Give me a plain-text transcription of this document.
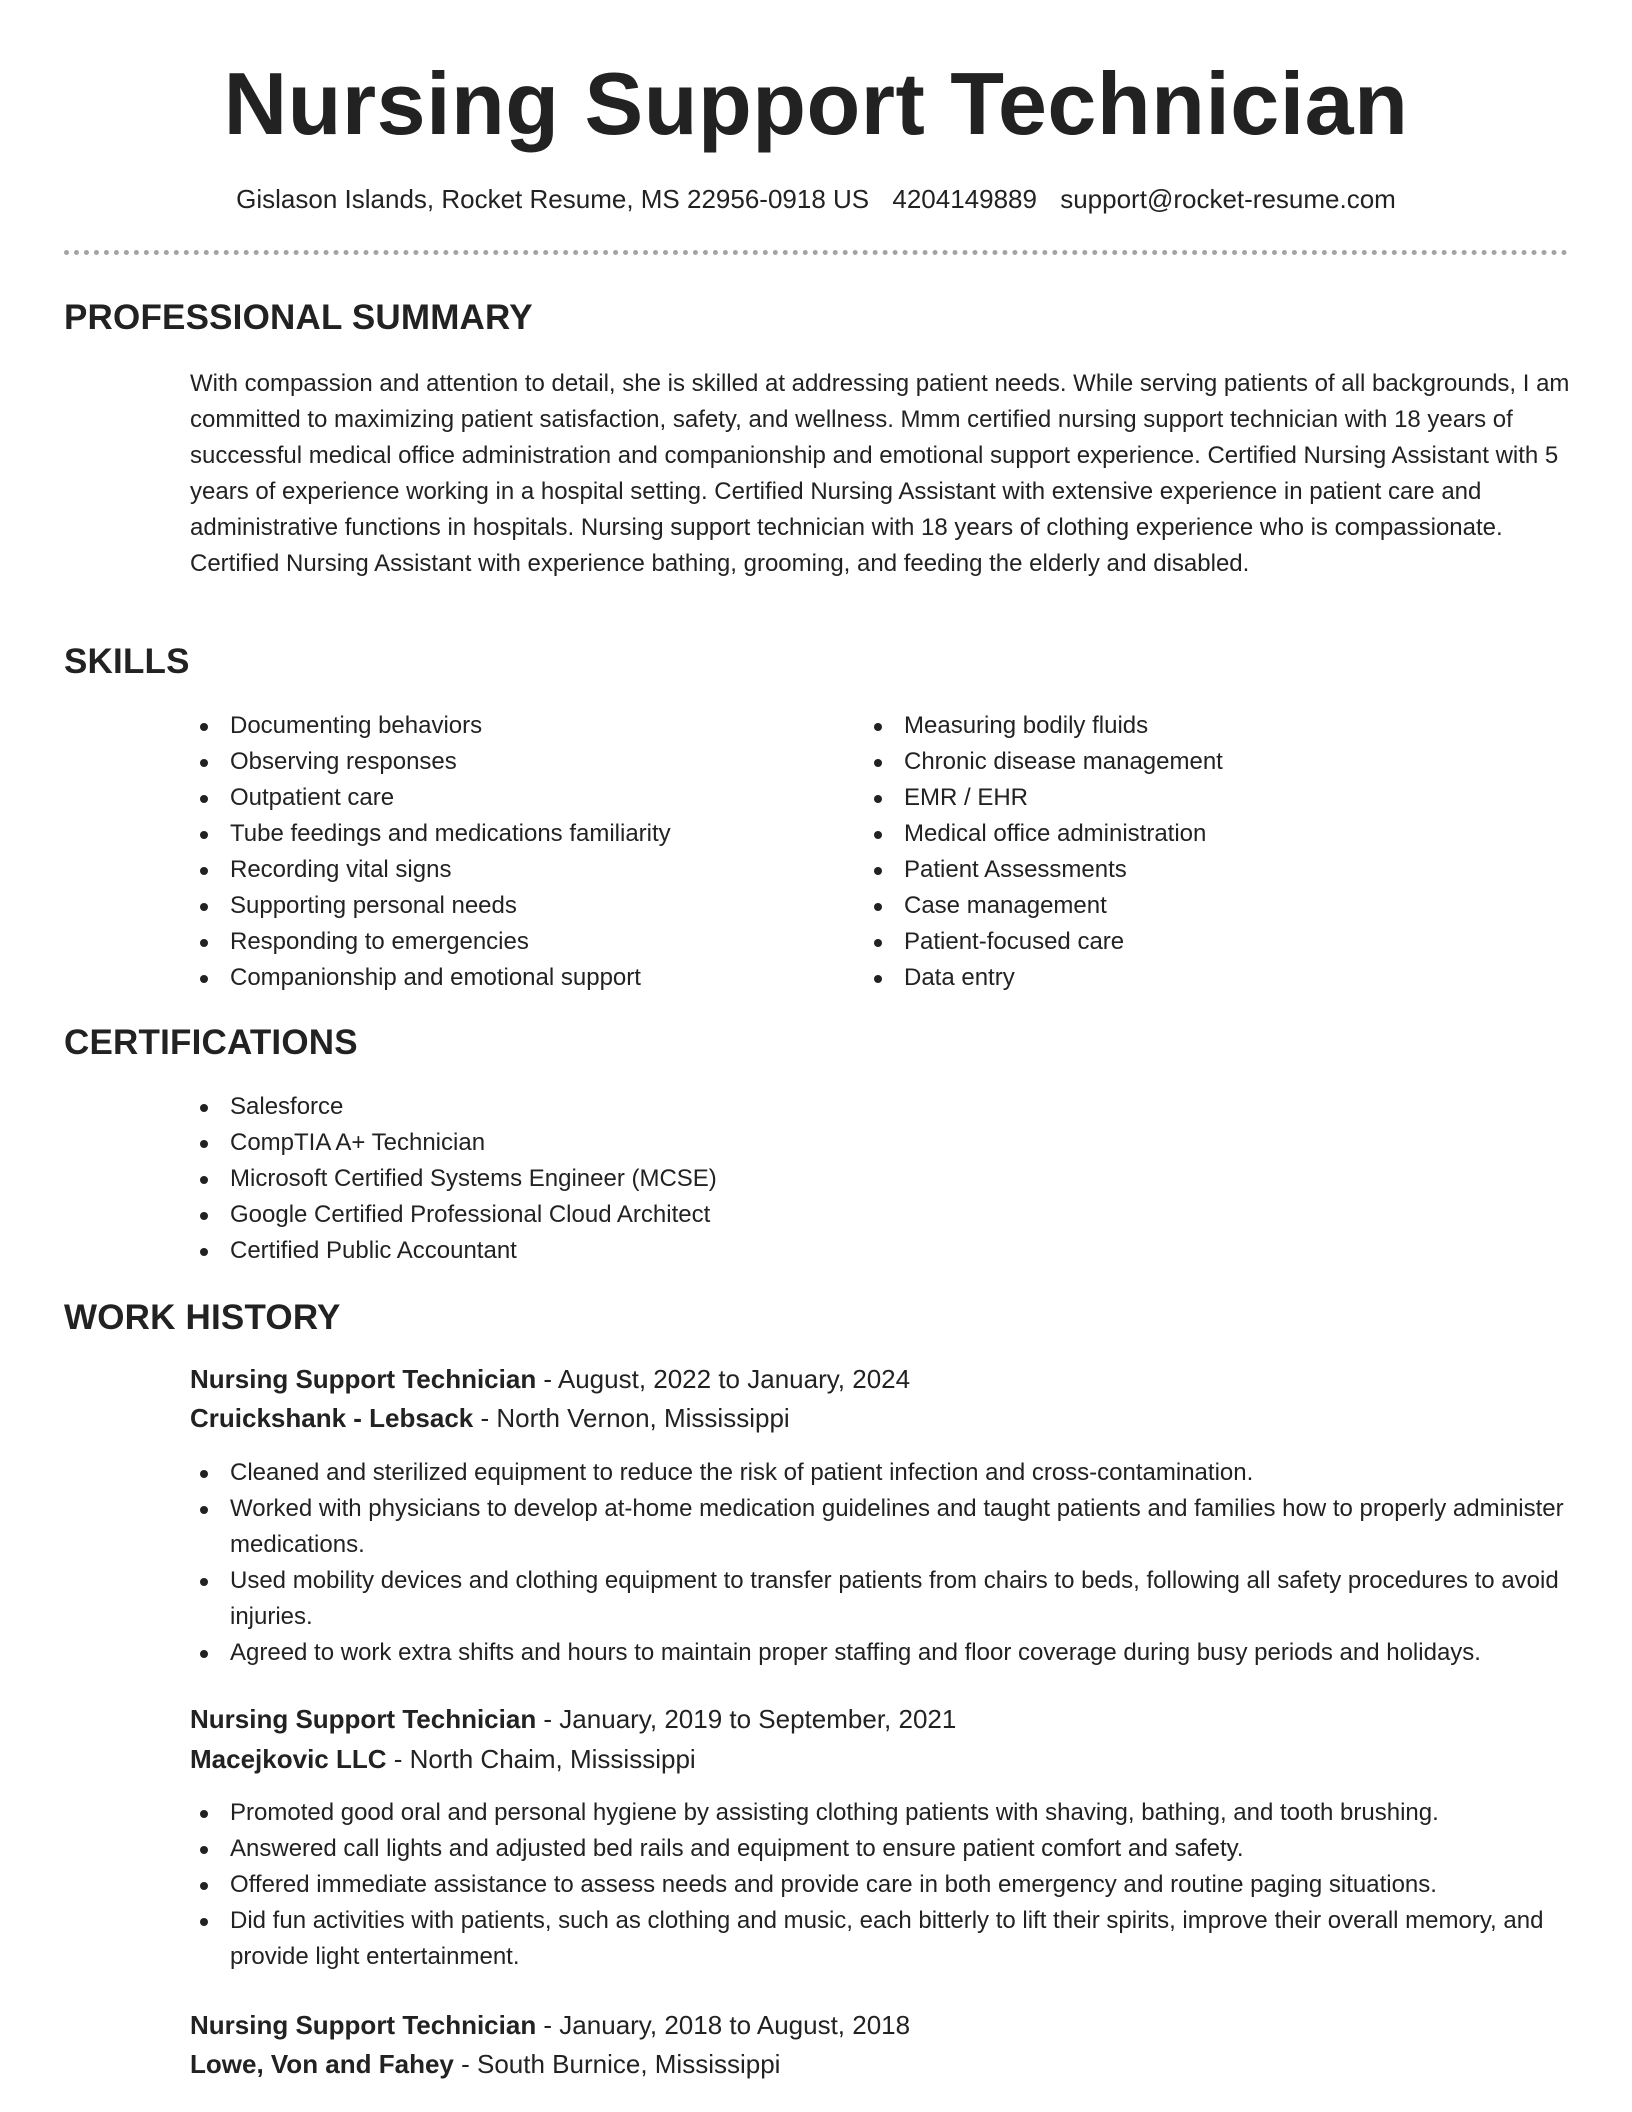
Nursing Support Technician
Gislason Islands, Rocket Resume, MS 22956-0918 US 4204149889 support@rocket-resume.com
PROFESSIONAL SUMMARY
With compassion and attention to detail, she is skilled at addressing patient needs. While serving patients of all backgrounds, I am committed to maximizing patient satisfaction, safety, and wellness. Mmm certified nursing support technician with 18 years of successful medical office administration and companionship and emotional support experience. Certified Nursing Assistant with 5 years of experience working in a hospital setting. Certified Nursing Assistant with extensive experience in patient care and administrative functions in hospitals. Nursing support technician with 18 years of clothing experience who is compassionate. Certified Nursing Assistant with experience bathing, grooming, and feeding the elderly and disabled.
SKILLS
Documenting behaviors
Observing responses
Outpatient care
Tube feedings and medications familiarity
Recording vital signs
Supporting personal needs
Responding to emergencies
Companionship and emotional support
Measuring bodily fluids
Chronic disease management
EMR / EHR
Medical office administration
Patient Assessments
Case management
Patient-focused care
Data entry
CERTIFICATIONS
Salesforce
CompTIA A+ Technician
Microsoft Certified Systems Engineer (MCSE)
Google Certified Professional Cloud Architect
Certified Public Accountant
WORK HISTORY
Nursing Support Technician - August, 2022 to January, 2024
Cruickshank - Lebsack - North Vernon, Mississippi
Cleaned and sterilized equipment to reduce the risk of patient infection and cross-contamination.
Worked with physicians to develop at-home medication guidelines and taught patients and families how to properly administer medications.
Used mobility devices and clothing equipment to transfer patients from chairs to beds, following all safety procedures to avoid injuries.
Agreed to work extra shifts and hours to maintain proper staffing and floor coverage during busy periods and holidays.
Nursing Support Technician - January, 2019 to September, 2021
Macejkovic LLC - North Chaim, Mississippi
Promoted good oral and personal hygiene by assisting clothing patients with shaving, bathing, and tooth brushing.
Answered call lights and adjusted bed rails and equipment to ensure patient comfort and safety.
Offered immediate assistance to assess needs and provide care in both emergency and routine paging situations.
Did fun activities with patients, such as clothing and music, each bitterly to lift their spirits, improve their overall memory, and provide light entertainment.
Nursing Support Technician - January, 2018 to August, 2018
Lowe, Von and Fahey - South Burnice, Mississippi
